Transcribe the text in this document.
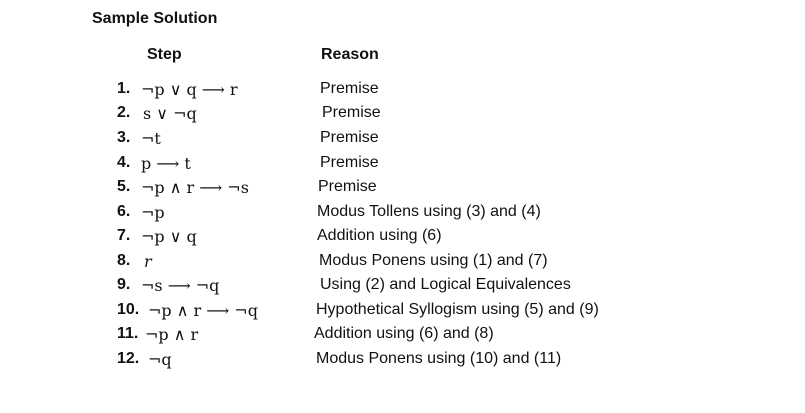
Sample Solution
Step	Reason
1. ¬p ∨ q ⟶ r	Premise
2. s ∨ ¬q	Premise
3. ¬t	Premise
4. p ⟶ t	Premise
5. ¬p ∧ r ⟶ ¬s	Premise
6. ¬p	Modus Tollens using (3) and (4)
7. ¬p ∨ q	Addition using (6)
8. r	Modus Ponens using (1) and (7)
9. ¬s ⟶ ¬q	Using (2) and Logical Equivalences
10. ¬p ∧ r ⟶ ¬q	Hypothetical Syllogism using (5) and (9)
11. ¬p ∧ r	Addition using (6) and (8)
12. ¬q	Modus Ponens using (10) and (11)
